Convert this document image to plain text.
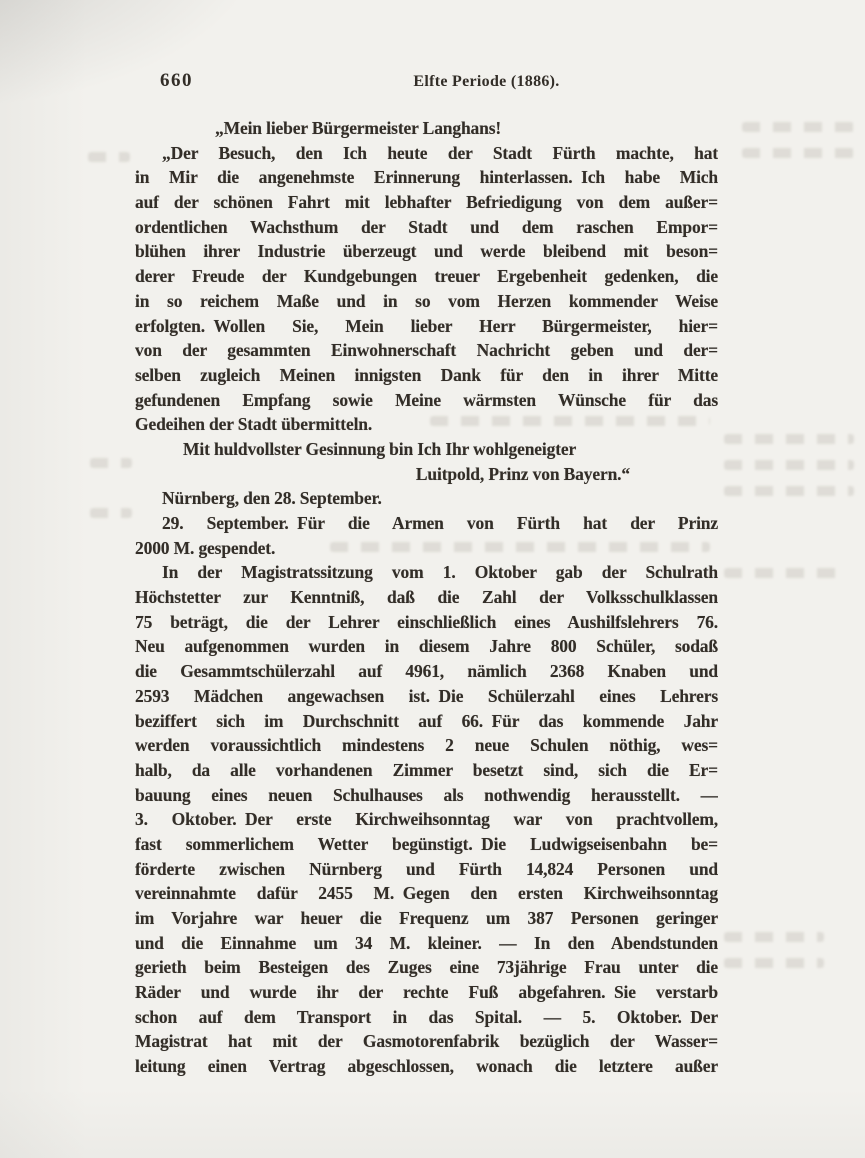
660	Elfte Periode (1886).
„Mein lieber Bürgermeister Langhans!
„Der Besuch, den Ich heute der Stadt Fürth machte, hat
in Mir die angenehmste Erinnerung hinterlassen. Ich habe Mich
auf der schönen Fahrt mit lebhafter Befriedigung von dem außer=
ordentlichen Wachsthum der Stadt und dem raschen Empor=
blühen ihrer Industrie überzeugt und werde bleibend mit beson=
derer Freude der Kundgebungen treuer Ergebenheit gedenken, die
in so reichem Maße und in so vom Herzen kommender Weise
erfolgten. Wollen Sie, Mein lieber Herr Bürgermeister, hier=
von der gesammten Einwohnerschaft Nachricht geben und der=
selben zugleich Meinen innigsten Dank für den in ihrer Mitte
gefundenen Empfang sowie Meine wärmsten Wünsche für das
Gedeihen der Stadt übermitteln.
Mit huldvollster Gesinnung bin Ich Ihr wohlgeneigter
Luitpold, Prinz von Bayern.“
Nürnberg, den 28. September.
29. September. Für die Armen von Fürth hat der Prinz
2000 M. gespendet.
In der Magistratssitzung vom 1. Oktober gab der Schulrath
Höchstetter zur Kenntniß, daß die Zahl der Volksschulklassen
75 beträgt, die der Lehrer einschließlich eines Aushilfslehrers 76.
Neu aufgenommen wurden in diesem Jahre 800 Schüler, sodaß
die Gesammtschülerzahl auf 4961, nämlich 2368 Knaben und
2593 Mädchen angewachsen ist. Die Schülerzahl eines Lehrers
beziffert sich im Durchschnitt auf 66. Für das kommende Jahr
werden voraussichtlich mindestens 2 neue Schulen nöthig, wes=
halb, da alle vorhandenen Zimmer besetzt sind, sich die Er=
bauung eines neuen Schulhauses als nothwendig herausstellt. —
3. Oktober. Der erste Kirchweihsonntag war von prachtvollem,
fast sommerlichem Wetter begünstigt. Die Ludwigseisenbahn be=
förderte zwischen Nürnberg und Fürth 14,824 Personen und
vereinnahmte dafür 2455 M. Gegen den ersten Kirchweihsonntag
im Vorjahre war heuer die Frequenz um 387 Personen geringer
und die Einnahme um 34 M. kleiner. — In den Abendstunden
gerieth beim Besteigen des Zuges eine 73jährige Frau unter die
Räder und wurde ihr der rechte Fuß abgefahren. Sie verstarb
schon auf dem Transport in das Spital. — 5. Oktober. Der
Magistrat hat mit der Gasmotorenfabrik bezüglich der Wasser=
leitung einen Vertrag abgeschlossen, wonach die letztere außer
